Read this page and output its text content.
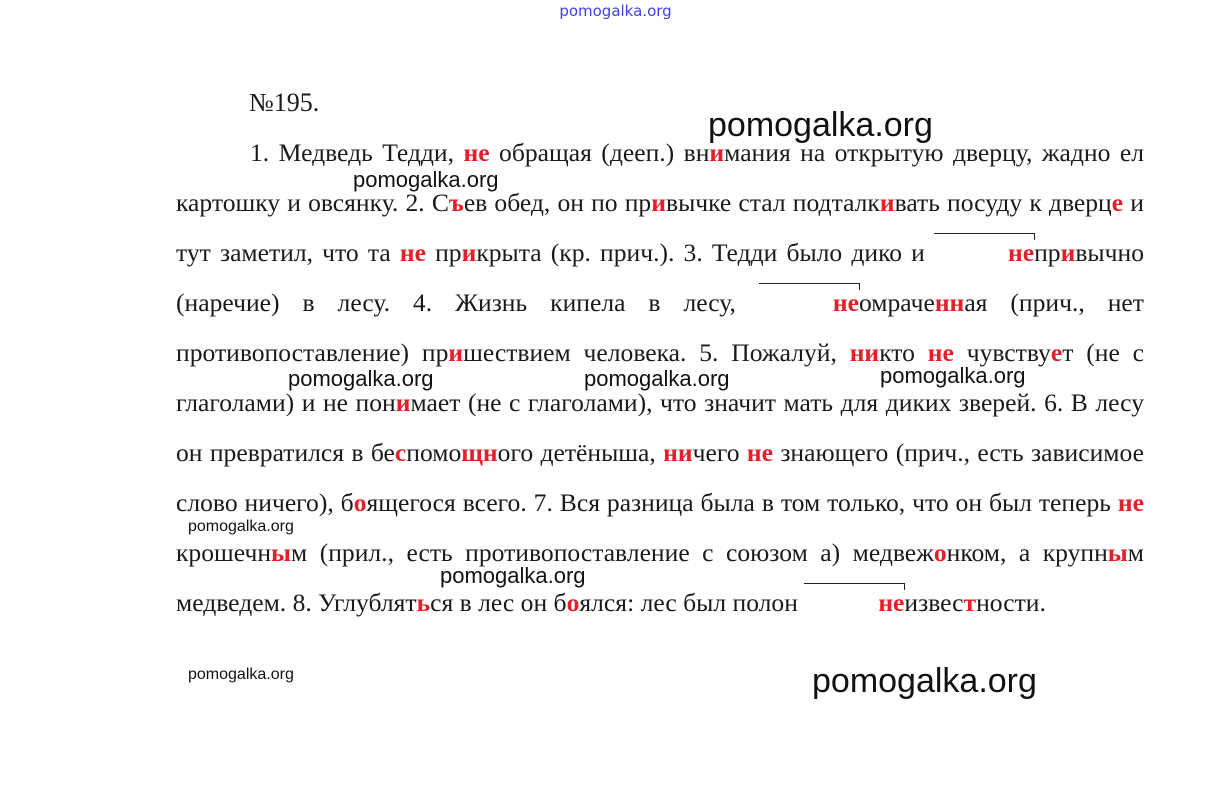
pomogalka.org
№195.
1. Медведь Тедди, не обращая (дееп.) внимания на открытую дверцу, жадно ел картошку и овсянку. 2. Съев обед, он по привычке стал подталкивать посуду к дверце и тут заметил, что та не прикрыта (кр. прич.). 3. Тедди было дико и	непривычно (наречие) в лесу. 4. Жизнь кипела в лесу,	неомраченная (прич., нет противопоставление) пришествием человека. 5. Пожалуй, никто не чувствует (не с глаголами) и не понимает (не с глаголами), что значит мать для диких зверей. 6. В лесу он превратился в беспомощного детёныша, ничего не знающего (прич., есть зависимое слово ничего), боящегося всего. 7. Вся разница была в том только, что он был теперь не крошечным (прил., есть противопоставление с союзом а) медвежонком, а крупным медведем. 8. Углубляться в лес он боялся: лес был полон	неизвестности.
pomogalka.org
pomogalka.org
pomogalka.org	pomogalka.org	pomogalka.org
pomogalka.org
pomogalka.org
pomogalka.org	pomogalka.org
